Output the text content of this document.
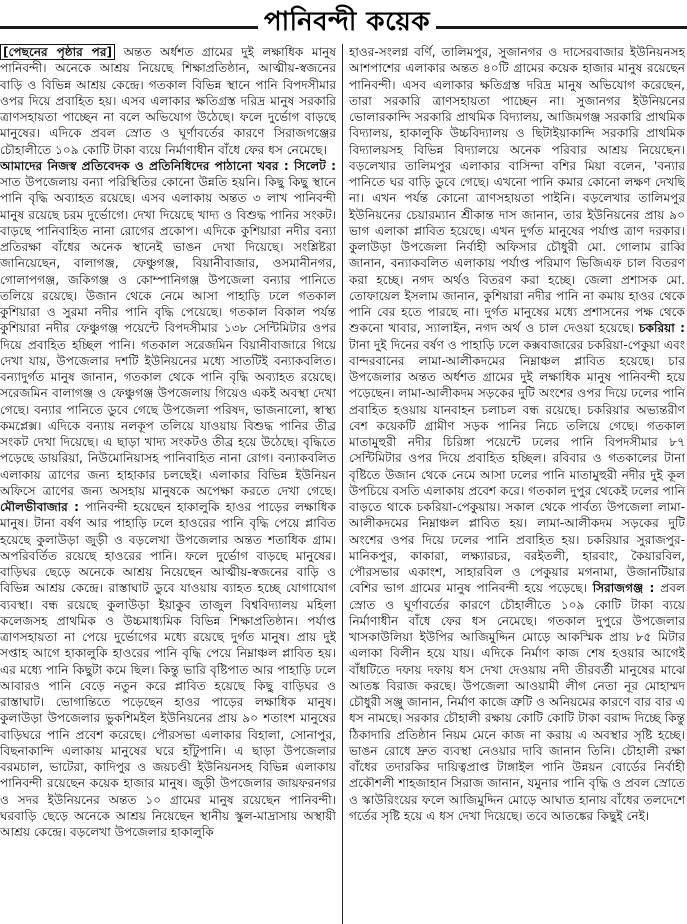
পানিবন্দী কয়েক

[পেছনের পৃষ্ঠার পর] অন্তত অর্ধশত গ্রামের দুই লক্ষাধিক মানুষ পানিবন্দী। অনেকে আশ্রয় নিয়েছে শিক্ষাপ্রতিষ্ঠান, আত্মীয়-স্বজনের বাড়ি ও বিভিন্ন আশ্রয় কেন্দ্রে। গতকাল বিভিন্ন স্থানে পানি বিপদসীমার ওপর দিয়ে প্রবাহিত হয়। এসব এলাকার ক্ষতিগ্রস্ত দরিদ্র মানুষ সরকারি ত্রাণসহায়তা পাচ্ছেন না বলে অভিযোগ উঠেছে। ফলে দুর্ভোগ বাড়ছে মানুষের। এদিকে প্রবল স্রোত ও ঘূর্ণাবর্তের কারণে সিরাজগঞ্জের চৌহালীতে ১০৯ কোটি টাকা ব্যয়ে নির্মাণাধীন বাঁধে ফের ধস নেমেছে।

আমাদের নিজস্ব প্রতিবেদক ও প্রতিনিধিদের পাঠানো খবর : সিলেট : সাত উপজেলায় বন্যা পরিস্থিতির কোনো উন্নতি হয়নি। কিছু কিছু স্থানে পানি বৃদ্ধি অব্যাহত রয়েছে। এসব এলাকায় অন্তত ৩ লাখ পানিবন্দী মানুষ রয়েছে চরম দুর্ভোগে। দেখা দিয়েছে খাদ্য ও বিশুদ্ধ পানির সংকট। বাড়ছে পানিবাহিত নানা রোগের প্রকোপ। এদিকে কুশিয়ারা নদীর বন্যা প্রতিরক্ষা বাঁধের অনেক স্থানেই ভাঙন দেখা দিয়েছে। সংশ্লিষ্টরা জানিয়েছেন, বালাগঞ্জ, ফেঞ্চুগঞ্জ, বিয়ানীবাজার, ওসমানীনগর, গোলাপগঞ্জ, জকিগঞ্জ ও কোম্পানিগঞ্জ উপজেলা বন্যার পানিতে তলিয়ে রয়েছে। উজান থেকে নেমে আসা পাহাড়ি ঢলে গতকাল কুশিয়ারা ও সুরমা নদীর পানি বৃদ্ধি পেয়েছে। গতকাল বিকাল পর্যন্ত কুশিয়ারা নদীর ফেঞ্চুগঞ্জ পয়েন্টে বিপদসীমার ১৩৮ সেন্টিমিটার ওপর দিয়ে প্রবাহিত হচ্ছিল পানি। গতকাল সরেজমিন বিয়ানীবাজারে গিয়ে দেখা যায়, উপজেলার দশটি ইউনিয়নের মধ্যে সাতটিই বন্যাকবলিত। বন্যাদুর্গত মানুষ জানান, গতকাল থেকে পানি বৃদ্ধি অব্যাহত রয়েছে। সরেজমিন বালাগঞ্জ ও ফেঞ্চুগঞ্জ উপজেলায় গিয়েও একই অবস্থা দেখা গেছে। বন্যার পানিতে ডুবে গেছে উপজেলা পরিষদ, ভাজনালো, স্বাস্থ্য কমপ্লেক্স। এদিকে বন্যায় নলকূপ তলিয়ে যাওয়ায় বিশুদ্ধ পানির তীব্র সংকট দেখা দিয়েছে। এ ছাড়া খাদ্য সংকটও তীব্র হয়ে উঠেছে। বৃদ্ধিতে পড়েছে ডায়রিয়া, নিউমোনিয়াসহ পানিবাহিত নানা রোগ। বন্যাকবলিত এলাকায় ত্রাণের জন্য হাহাকার চলছেই। এলাকার বিভিন্ন ইউনিয়ন অফিসে ত্রাণের জন্য অসহায় মানুষকে অপেক্ষা করতে দেখা গেছে। মৌলভীবাজার : পানিবন্দী হয়েছেন হাকালুকি হাওর পাড়ের লক্ষাধিক মানুষ। টানা বর্ষণ আর পাহাড়ি ঢলে হাওরের পানি বৃদ্ধি পেয়ে প্লাবিত হয়েছে কুলাউড়া জুড়ী ও বড়লেখা উপজেলার অন্তত শতাধিক গ্রাম। অপরিবর্তিত রয়েছে হাওরের পানি। ফলে দুর্ভোগ বাড়ছে মানুষের। বাড়িঘর ছেড়ে অনেকে আশ্রয় নিয়েছেন আত্মীয়-স্বজনের বাড়ি ও বিভিন্ন আশ্রয় কেন্দ্রে। রাস্তাঘাট ডুবে যাওয়ায় ব্যাহত হচ্ছে যোগাযোগ ব্যবস্থা। বন্ধ রয়েছে কুলাউড়া ইয়াকুব তাজুল বিশ্ববিদ্যালয় মহিলা কলেজসহ প্রাথমিক ও উচ্চমাধ্যমিক বিভিন্ন শিক্ষাপ্রতিষ্ঠান। পর্যাপ্ত ত্রাণসহায়তা না পেয়ে দুর্ভোগের মধ্যে রয়েছে দুর্গত মানুষ। প্রায় দুই সপ্তাহ আগে হাকালুকি হাওরের পানি বৃদ্ধি পেয়ে নিম্নাঞ্চল প্লাবিত হয়। এর মধ্যে পানি কিছুটা কমে ছিল। কিন্তু ভারি বৃষ্টিপাত আর পাহাড়ি ঢলে আবারও পানি বেড়ে নতুন করে প্লাবিত হয়েছে কিছু বাড়িঘর ও রাস্তাঘাট। ভোগান্তিতে পড়েছেন হাওর পাড়ের লক্ষাধিক মানুষ। কুলাউড়া উপজেলার ভুকশিমইল ইউনিয়নের প্রায় ৯০ শতাংশ মানুষের বাড়িঘরে পানি প্রবেশ করেছে। পৌরসভা এলাকার বিহালা, সোনাপুর, বিছনাকান্দি এলাকায় মানুষের ঘরে হাঁটুপানি। এ ছাড়া উপজেলার বরমচাল, ভাটেরা, কাদিপুর ও জয়চণ্ডী ইউনিয়নসহ বিভিন্ন এলাকায় পানিবন্দী রয়েছেন কয়েক হাজার মানুষ। জুড়ী উপজেলার জায়ফরনগর ও সদর ইউনিয়নের অন্তত ১০ গ্রামের মানুষ রয়েছেন পানিবন্দী। ঘরবাড়ি ছেড়ে অনেকে আশ্রয় নিয়েছেন স্থানীয় স্কুল-মাদ্রাসায় অস্থায়ী আশ্রয় কেন্দ্রে। বড়লেখা উপজেলার হাকালুকি

হাওর-সংলগ্ন বর্ণি, তালিমপুর, সুজানগর ও দাসেরবাজার ইউনিয়নসহ আশপাশের এলাকার অন্তত ৪০টি গ্রামের কয়েক হাজার মানুষ রয়েছেন পানিবন্দী। এসব এলাকার ক্ষতিগ্রস্ত দরিদ্র মানুষ অভিযোগ করেছেন, তারা সরকারি ত্রাণসহায়তা পাচ্ছেন না। সুজানগর ইউনিয়নের ভোলারকান্দি সরকারি প্রাথমিক বিদ্যালয়, আজিমগঞ্জ সরকারি প্রাথমিক বিদ্যালয়, হাকালুকি উচ্চবিদ্যালয় ও ছিটাইয়াকান্দি সরকারি প্রাথমিক বিদ্যালয়সহ বিভিন্ন বিদ্যালয়ে অনেক পরিবার আশ্রয় নিয়েছেন। বড়লেখার তালিমপুর এলাকার বাসিন্দা বশির মিয়া বলেন, 'বন্যার পানিতে ঘর বাড়ি ডুবে গেছে। এখনো পানি কমার কোনো লক্ষণ দেখছি না। এখন পর্যন্ত কোনো ত্রাণসহায়তা পাইনি। বড়লেখার তালিমপুর ইউনিয়নের চেয়ারম্যান শ্রীকান্ত দাস জানান, তার ইউনিয়নের প্রায় ৯০ ভাগ এলাকা প্লাবিত হয়েছে। এখন দুর্গত মানুষের পর্যাপ্ত ত্রাণ দরকার। কুলাউড়া উপজেলা নির্বাহী অফিসার চৌধুরী মো. গোলাম রাব্বি জানান, বন্যাকবলিত এলাকায় পর্যাপ্ত পরিমাণ ভিজিএফ চাল বিতরণ করা হচ্ছে। নগদ অর্থও বিতরণ করা হচ্ছে। জেলা প্রশাসক মো. তোফায়েল ইসলাম জানান, কুশিয়ারা নদীর পানি না কমায় হাওর থেকে পানি বের হতে পারছে না। দুর্গত মানুষের মধ্যে প্রশাসনের পক্ষ থেকে শুকনো খাবার, স্যালাইন, নগদ অর্থ ও চাল দেওয়া হয়েছে। চকরিয়া : টানা দুই দিনের বর্ষণ ও পাহাড়ি ঢলে কক্সবাজারের চকরিয়া-পেকুয়া এবং বান্দরবানের লামা-আলীকদমের নিম্নাঞ্চল প্লাবিত হয়েছে। চার উপজেলার অন্তত অর্ধশত গ্রামের দুই লক্ষাধিক মানুষ পানিবন্দী হয়ে পড়েছেন। লামা-আলীকদম সড়কের দুটি অংশের ওপর দিয়ে ঢলের পানি প্রবাহিত হওয়ায় যানবাহন চলাচল বন্ধ রয়েছে। চকরিয়ার অভ্যন্তরীণ বেশ কয়েকটি গ্রামীণ সড়ক পানির নিচে তলিয়ে গেছে। গতকাল মাতামুহুরী নদীর চিরিঙ্গা পয়েন্টে ঢলের পানি বিপদসীমার ৮৭ সেন্টিমিটার ওপর দিয়ে প্রবাহিত হচ্ছিল। রবিবার ও গতকালের টানা বৃষ্টিতে উজান থেকে নেমে আসা ঢলের পানি মাতামুহুরী নদীর দুই কূল উপচিয়ে বসতি এলাকায় প্রবেশ করে। গতকাল দুপুর থেকেই ঢলের পানি বাড়তে থাকে চকরিয়া-পেকুয়ায়। সকাল থেকে পার্বত্য উপজেলা লামা-আলীকদমের নিম্নাঞ্চল প্লাবিত হয়। লামা-আলীকদম সড়কের দুটি অংশের ওপর দিয়ে ঢলের পানি প্রবাহিত হয়। চকরিয়ার সুরাজপুর-মানিকপুর, কাকারা, লক্ষ্যারচর, বরইতলী, হারবাং, কৈয়ারবিল, পৌরসভার একাংশ, সাহারবিল ও পেকুয়ার মগনামা, উজানটিয়ার বেশির ভাগ গ্রামের মানুষ পানিবন্দী হয়ে পড়েছে। সিরাজগঞ্জ : প্রবল স্রোত ও ঘূর্ণাবর্তের কারণে চৌহালীতে ১০৯ কোটি টাকা ব্যয়ে নির্মাণাধীন বাঁধে ফের ধস নেমেছে। গতকাল দুপুরে উপজেলার খাসকাউলিয়া ইউপির আজিমুদ্দিন মোড়ে আকস্মিক প্রায় ৮৫ মিটার এলাকা বিলীন হয়ে যায়। এদিকে নির্মাণ কাজ শেষ হওয়ার আগেই বাঁধটিতে দফায় দফায় ধস দেখা দেওয়ায় নদী তীরবর্তী মানুষের মাঝে আতঙ্ক বিরাজ করছে। উপজেলা আওয়ামী লীগ নেতা নূর মোহাম্মদ চৌধুরী সঞ্জু জানান, নির্মাণ কাজে ত্রুটি ও অনিয়মের কারণে বার বার এ ধস নামছে। সরকার চৌহালী রক্ষায় কোটি কোটি টাকা বরাদ্দ দিচ্ছে কিন্তু ঠিকাদারি প্রতিষ্ঠান নিয়ম মেনে কাজ না করায় এ অবস্থার সৃষ্টি হচ্ছে। ভাঙন রোধে দ্রুত ব্যবস্থা নেওয়ার দাবি জানান তিনি। চৌহালী রক্ষা বাঁধের তদারকির দায়িত্বপ্রাপ্ত টাঙ্গাইল পানি উন্নয়ন বোর্ডের নির্বাহী প্রকৌশলী শাহজাহান সিরাজ জানান, যমুনার পানি বৃদ্ধি ও প্রবল স্রোতে ও স্কাউরিংয়ের ফলে আজিমুদ্দিন মোড়ে আঘাত হানায় বাঁধের তলদেশে গর্তের সৃষ্টি হয়ে এ ধস দেখা দিয়েছে। তবে আতঙ্কের কিছুই নেই।
